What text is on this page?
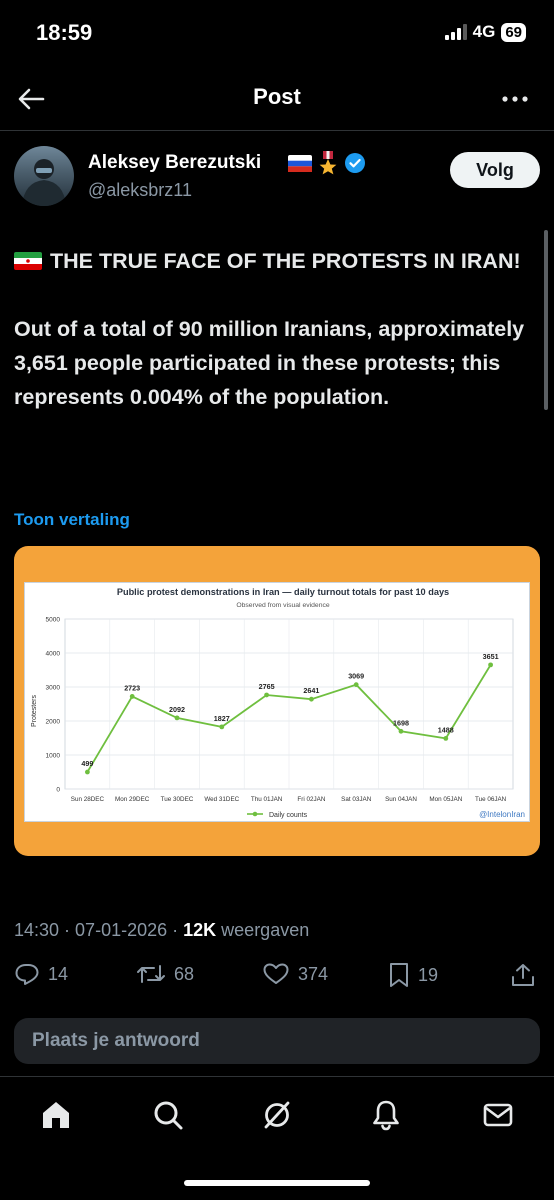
18:59	4G 69
Post
Aleksey Berezutski
@aleksbrz11
Volg

THE TRUE FACE OF THE PROTESTS IN IRAN!

Out of a total of 90 million Iranians, approximately 3,651 people participated in these protests; this represents 0.004% of the population.

Toon vertaling
Public protest demonstrations in Iran — daily turnout totals for past 10 days
Observed from visual evidence
Protesters
0
1000
2000
3000
4000
5000
Sun 28DEC Mon 29DEC Tue 30DEC Wed 31DEC Thu 01JAN Fri 02JAN Sat 03JAN Sun 04JAN Mon 05JAN Tue 06JAN
499
2723
2092
1827
2765	2641
3069
1698
1488
3651
Daily counts	@IntelonIran
14:30 · 07-01-2026 · 12K weergaven
14	68	374	19
Plaats je antwoord
